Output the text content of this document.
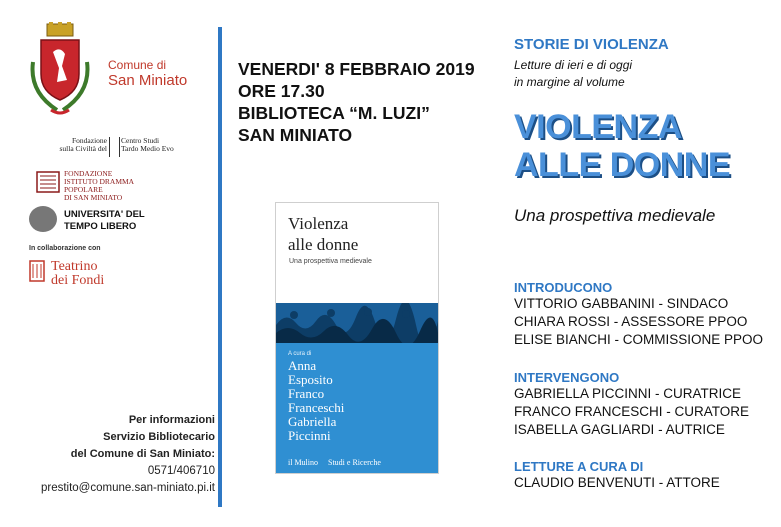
Comune di
San Miniato
Fondazione
sulla Civiltà del
Centro Studi
Tardo Medio Evo
FONDAZIONE
ISTITUTO DRAMMA POPOLARE
DI SAN MINIATO
UNIVERSITA' DEL
TEMPO LIBERO
In collaborazione con
Teatrino
dei Fondi
Per informazioni
Servizio Bibliotecario
del Comune di San Miniato:
0571/406710
prestito@comune.san-miniato.pi.it
VENERDI' 8 FEBBRAIO 2019
ORE 17.30
BIBLIOTECA “M. LUZI”
SAN MINIATO
Violenza
alle donne
Una prospettiva medievale
A cura di
Anna
Esposito
Franco
Franceschi
Gabriella
Piccinni
il Mulino Studi e Ricerche
STORIE DI VIOLENZA
Letture di ieri e di oggi
in margine al volume
VIOLENZA
ALLE DONNE
Una prospettiva medievale
INTRODUCONO
VITTORIO GABBANINI - SINDACO
CHIARA ROSSI - ASSESSORE PPOO
ELISE BIANCHI - COMMISSIONE PPOO
INTERVENGONO
GABRIELLA PICCINNI - CURATRICE
FRANCO FRANCESCHI - CURATORE
ISABELLA GAGLIARDI - AUTRICE
LETTURE A CURA DI
CLAUDIO BENVENUTI - ATTORE
